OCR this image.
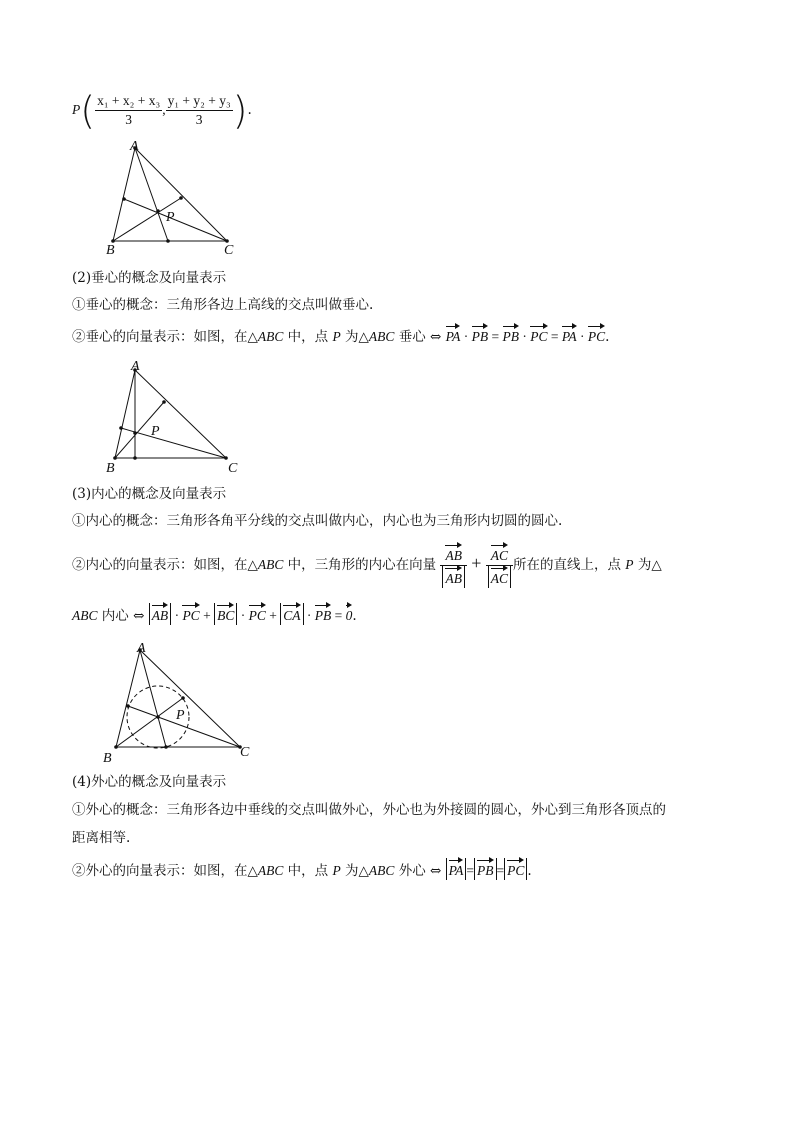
$P( \frac{\text{x₁ + x₂ + x₃}}{3}$ , $\frac{\text{y₁ + y₂ + y₃}}{3}$ ).
A
B	C
P
(2)垂心的概念及向量表示
①垂心的概念：三角形各边上高线的交点叫做垂心.
②垂心的向量表示：如图，在△ABC 中，点 P 为△ABC 垂心 ⇔ PA · PB = PB · PC = PA · PC.
A
B	C
P
(3)内心的概念及向量表示
①内心的概念：三角形各角平分线的交点叫做内心，内心也为三角形内切圆的圆心.
②内心的向量表示：如图，在△ABC 中，三角形的内心在向量 $\frac{AB}{AB} + \frac{AC}{AC}$ 所在的直线上，点 P 为△
ABC 内心 ⇔ AB · PC + BC · PC + CA · PB = 0.
A
B	C
P
(4)外心的概念及向量表示
①外心的概念：三角形各边中垂线的交点叫做外心，外心也为外接圆的圆心，外心到三角形各顶点的
距离相等.
②外心的向量表示：如图，在△ABC 中，点 P 为△ABC 外心 ⇔ PA = PB = PC .
